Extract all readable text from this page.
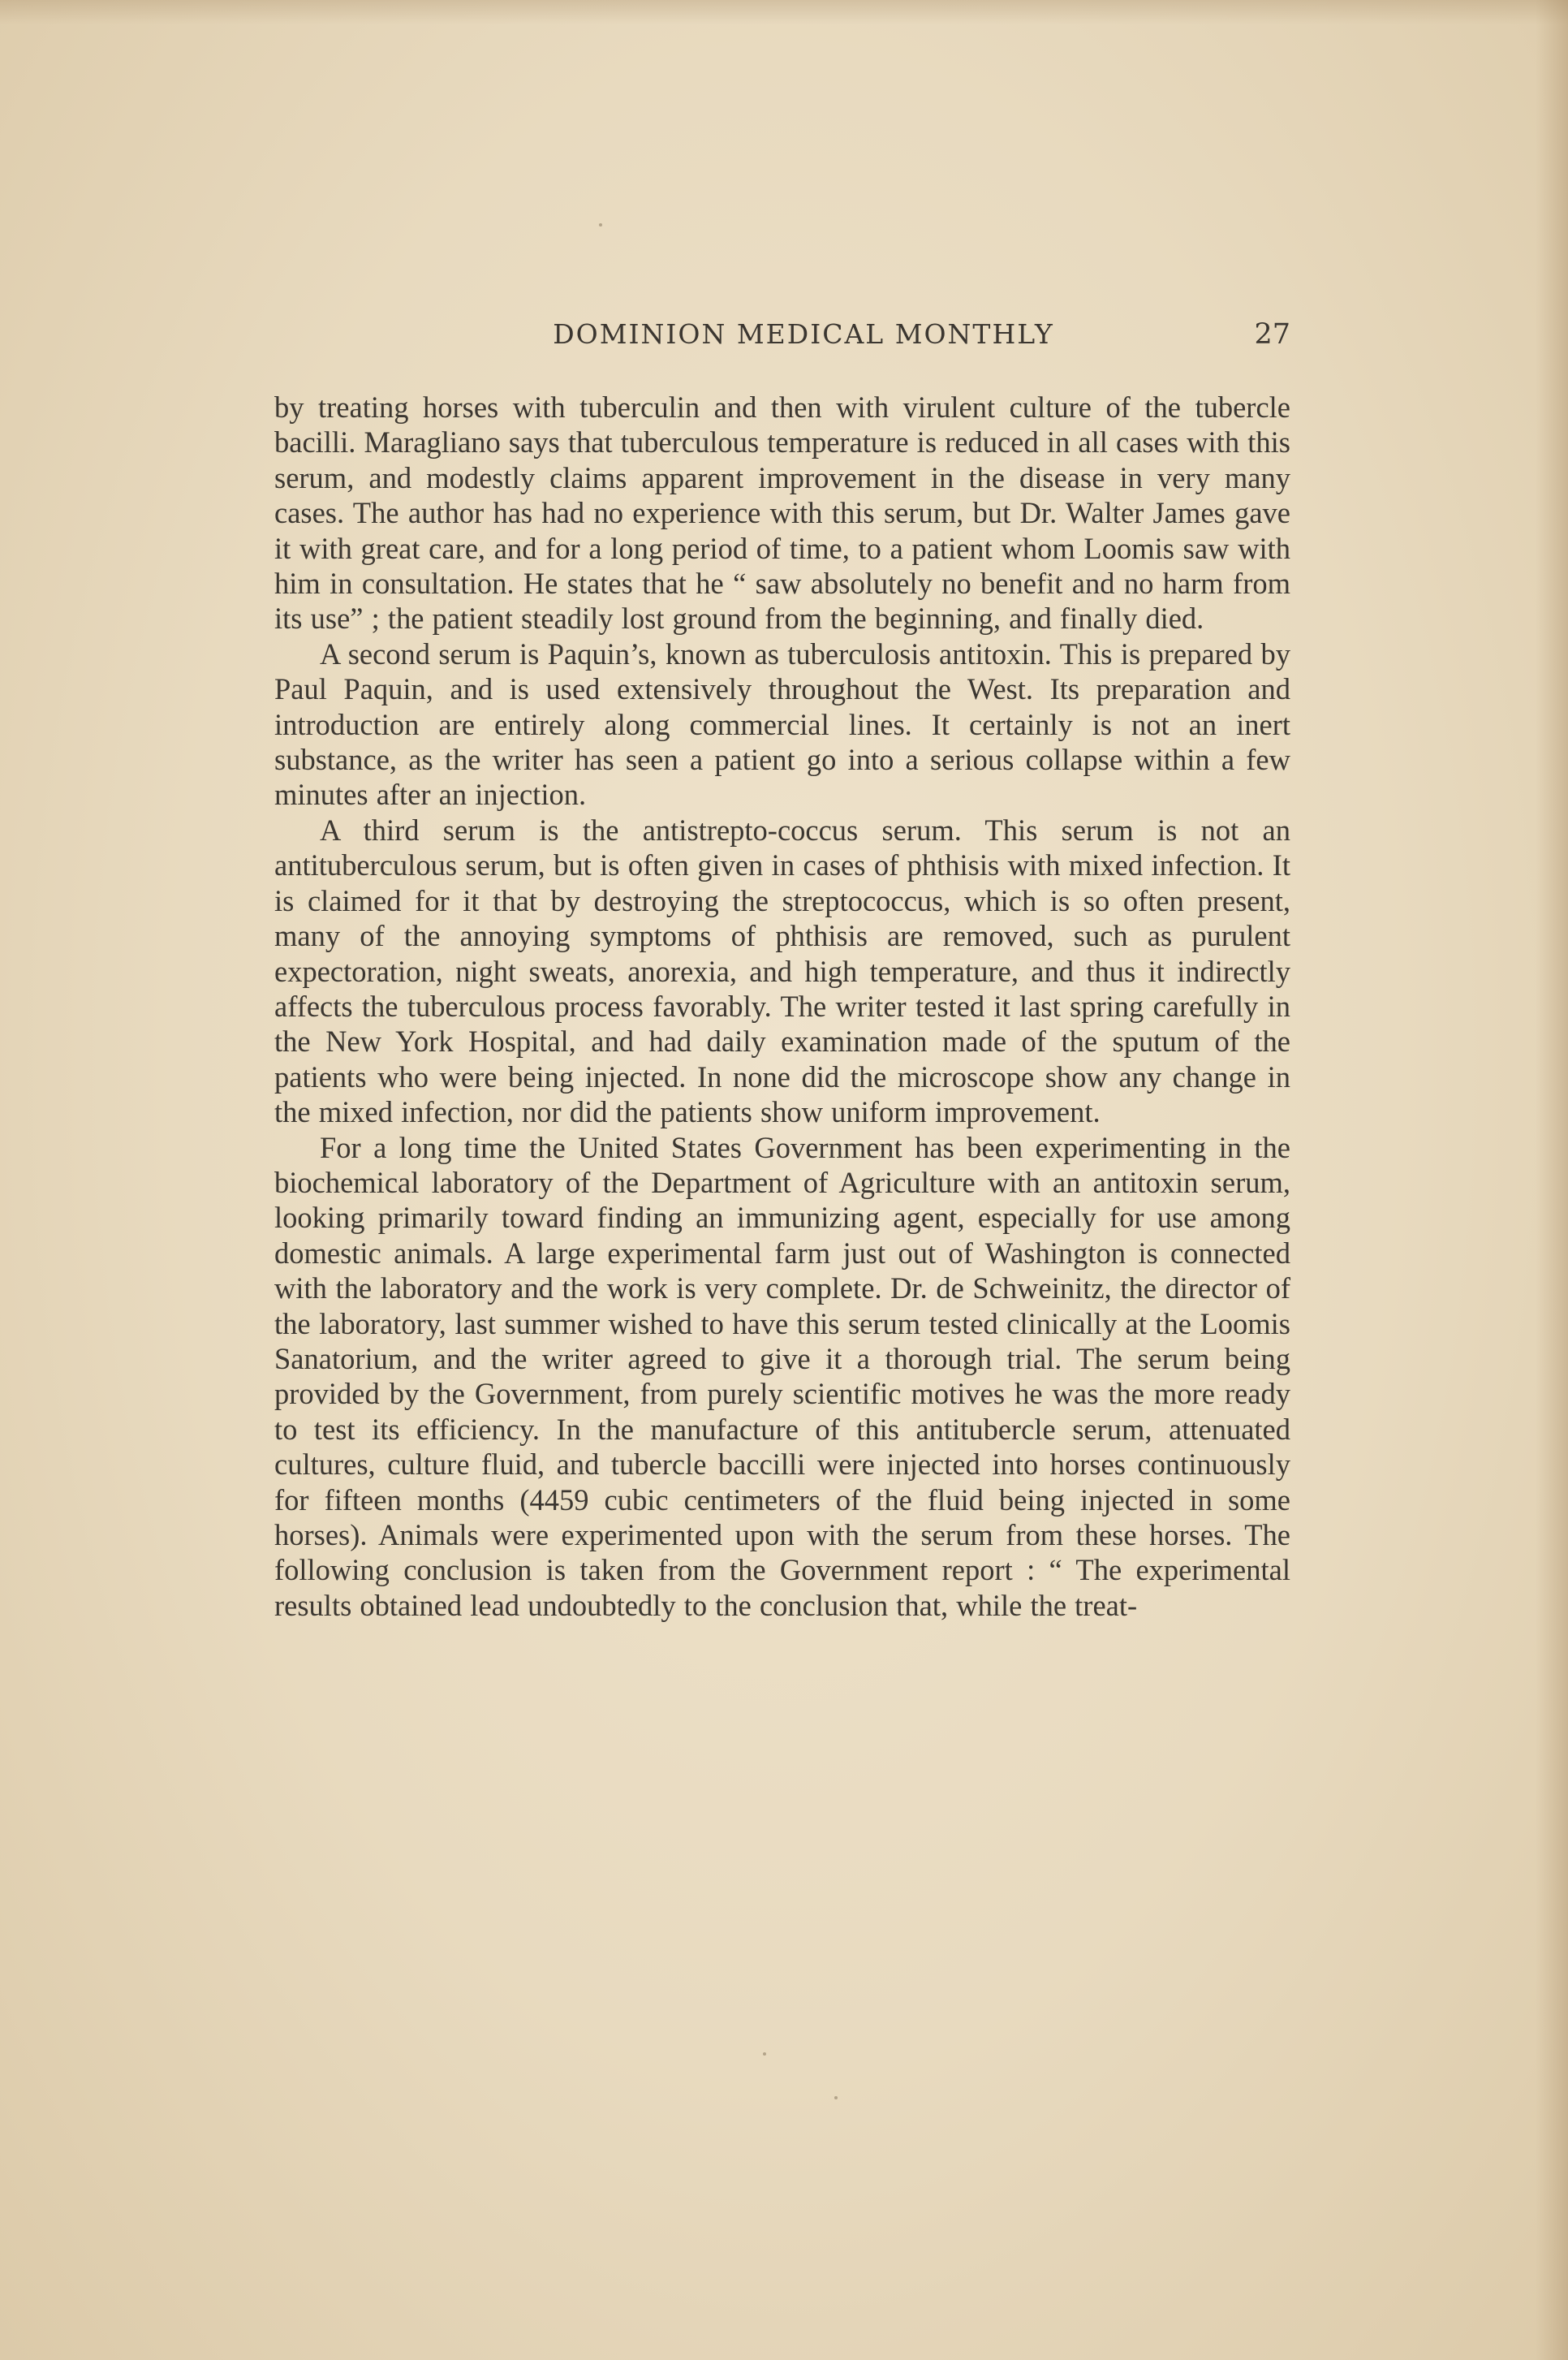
DOMINION MEDICAL MONTHLY	27

by treating horses with tuberculin and then with virulent culture of the tubercle bacilli. Maragliano says that tuberculous temperature is reduced in all cases with this serum, and modestly claims apparent improvement in the disease in very many cases. The author has had no experience with this serum, but Dr. Walter James gave it with great care, and for a long period of time, to a patient whom Loomis saw with him in consultation. He states that he “ saw absolutely no benefit and no harm from its use” ; the patient steadily lost ground from the beginning, and finally died.

A second serum is Paquin’s, known as tuberculosis antitoxin. This is prepared by Paul Paquin, and is used extensively throughout the West. Its preparation and introduction are entirely along commercial lines. It certainly is not an inert substance, as the writer has seen a patient go into a serious collapse within a few minutes after an injection.

A third serum is the antistrepto-coccus serum. This serum is not an antituberculous serum, but is often given in cases of phthisis with mixed infection. It is claimed for it that by destroying the streptococcus, which is so often present, many of the annoying symptoms of phthisis are removed, such as purulent expectoration, night sweats, anorexia, and high temperature, and thus it indirectly affects the tuberculous process favorably. The writer tested it last spring carefully in the New York Hospital, and had daily examination made of the sputum of the patients who were being injected. In none did the microscope show any change in the mixed infection, nor did the patients show uniform improvement.

For a long time the United States Government has been experimenting in the biochemical laboratory of the Department of Agriculture with an antitoxin serum, looking primarily toward finding an immunizing agent, especially for use among domestic animals. A large experimental farm just out of Washington is connected with the laboratory and the work is very complete. Dr. de Schweinitz, the director of the laboratory, last summer wished to have this serum tested clinically at the Loomis Sanatorium, and the writer agreed to give it a thorough trial. The serum being provided by the Government, from purely scientific motives he was the more ready to test its efficiency. In the manufacture of this antitubercle serum, attenuated cultures, culture fluid, and tubercle baccilli were injected into horses continuously for fifteen months (4459 cubic centimeters of the fluid being injected in some horses). Animals were experimented upon with the serum from these horses. The following conclusion is taken from the Government report : “ The experimental results obtained lead undoubtedly to the conclusion that, while the treat-
